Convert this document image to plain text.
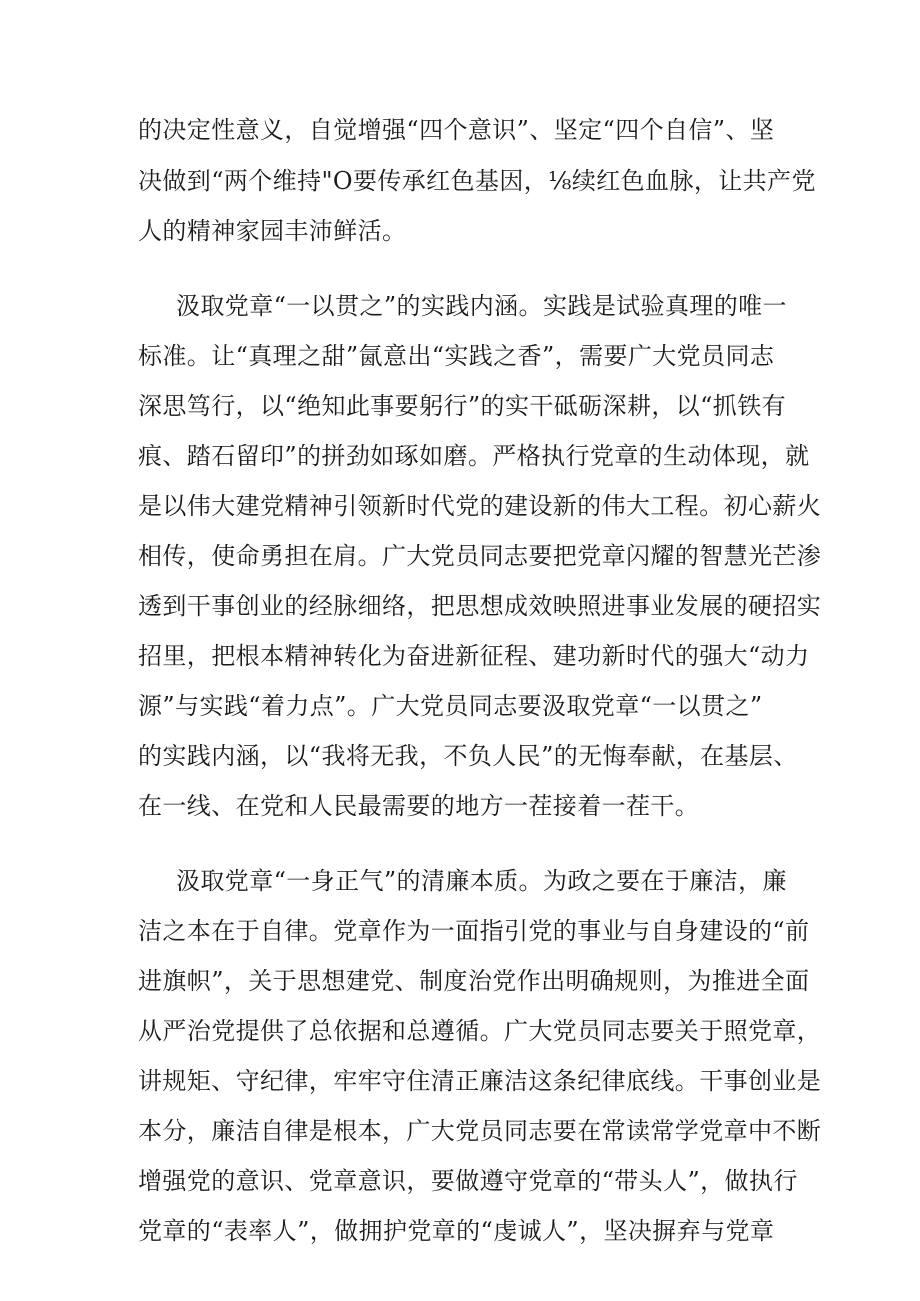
的决定性意义，自觉增强“四个意识”、坚定“四个自信”、坚
决做到“两个维持"O要传承红色基因，⅛续红色血脉，让共产党
人的精神家园丰沛鲜活。
汲取党章“一以贯之”的实践内涵。实践是试验真理的唯一
标准。让“真理之甜”氤意出“实践之香”，需要广大党员同志
深思笃行，以“绝知此事要躬行”的实干砥砺深耕，以“抓铁有
痕、踏石留印”的拼劲如琢如磨。严格执行党章的生动体现，就
是以伟大建党精神引领新时代党的建设新的伟大工程。初心薪火
相传，使命勇担在肩。广大党员同志要把党章闪耀的智慧光芒渗
透到干事创业的经脉细络，把思想成效映照进事业发展的硬招实
招里，把根本精神转化为奋进新征程、建功新时代的强大“动力
源”与实践“着力点”。广大党员同志要汲取党章“一以贯之”
的实践内涵，以“我将无我，不负人民”的无悔奉献，在基层、
在一线、在党和人民最需要的地方一茬接着一茬干。
汲取党章“一身正气”的清廉本质。为政之要在于廉洁，廉
洁之本在于自律。党章作为一面指引党的事业与自身建设的“前
进旗帜”，关于思想建党、制度治党作出明确规则，为推进全面
从严治党提供了总依据和总遵循。广大党员同志要关于照党章，
讲规矩、守纪律，牢牢守住清正廉洁这条纪律底线。干事创业是
本分，廉洁自律是根本，广大党员同志要在常读常学党章中不断
增强党的意识、党章意识，要做遵守党章的“带头人”，做执行
党章的“表率人”，做拥护党章的“虔诚人”，坚决摒弃与党章
